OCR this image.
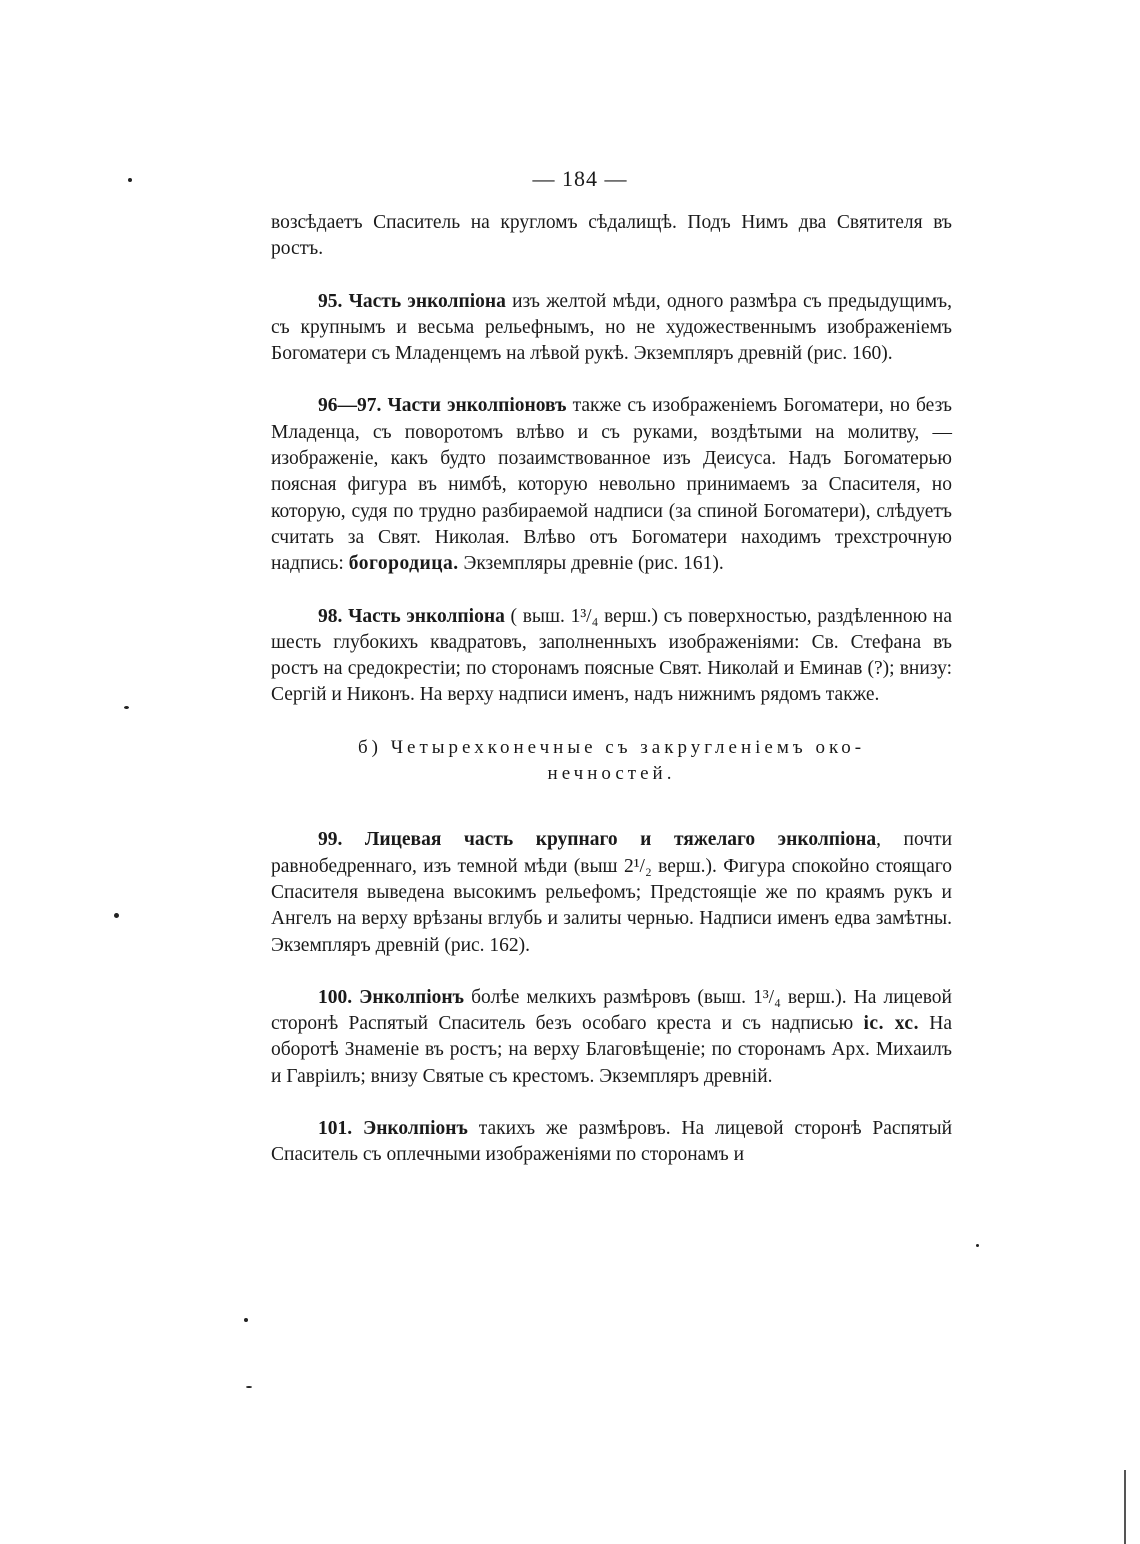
— 184 —

возсѣдаетъ Спаситель на кругломъ сѣдалищѣ. Подъ Нимъ два Святителя въ ростъ.

95. Часть энколпіона изъ желтой мѣди, одного размѣра съ предыдущимъ, съ крупнымъ и весьма рельефнымъ, но не художественнымъ изображеніемъ Богоматери съ Младенцемъ на лѣвой рукѣ. Экземпляръ древній (рис. 160).

96—97. Части энколпіоновъ также съ изображеніемъ Богоматери, но безъ Младенца, съ поворотомъ влѣво и съ руками, воздѣтыми на молитву, — изображеніе, какъ будто позаимствованное изъ Деисуса. Надъ Богоматерью поясная фигура въ нимбѣ, которую невольно принимаемъ за Спасителя, но которую, судя по трудно разбираемой надписи (за спиной Богоматери), слѣдуетъ считать за Свят. Николая. Влѣво отъ Богоматери находимъ трехстрочную надпись: богородица. Экземпляры древніе (рис. 161).

98. Часть энколпіона ( выш. 1³/₄ верш.) съ поверхностью, раздѣленною на шесть глубокихъ квадратовъ, заполненныхъ изображеніями: Св. Стефана въ ростъ на средокрестіи; по сторонамъ поясные Свят. Николай и Еминав (?); внизу: Сергій и Никонъ. На верху надписи именъ, надъ нижнимъ рядомъ также.

б) Четырехконечные съ закругленіемъ око-
нечностей.

99. Лицевая часть крупнаго и тяжелаго энколпіона, почти равнобедреннаго, изъ темной мѣди (выш 2¹/₂ верш.). Фигура спокойно стоящаго Спасителя выведена высокимъ рельефомъ; Предстоящіе же по краямъ рукъ и Ангелъ на верху врѣзаны вглубь и залиты чернью. Надписи именъ едва замѣтны. Экземпляръ древній (рис. 162).

100. Энколпіонъ болѣе мелкихъ размѣровъ (выш. 1³/₄ верш.). На лицевой сторонѣ Распятый Спаситель безъ особаго креста и съ надписью іс. хс. На оборотѣ Знаменіе въ ростъ; на верху Благовѣщеніе; по сторонамъ Арх. Михаилъ и Гавріилъ; внизу Святые съ крестомъ. Экземпляръ древній.

101. Энколпіонъ такихъ же размѣровъ. На лицевой сторонѣ Распятый Спаситель съ оплечными изображеніями по сторонамъ и
